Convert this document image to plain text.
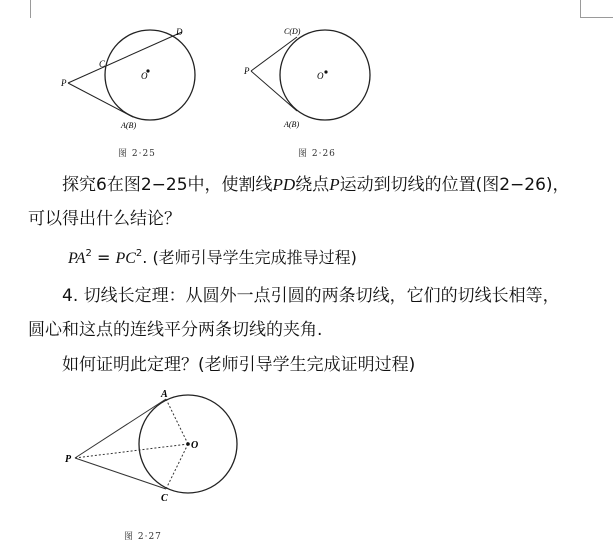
D
C
P
O
A(B)
图 2·25
C(D)
P	O
A(B)
图 2·26
探究6在图2−25中，使割线PD绕点P运动到切线的位置(图2−26)，
可以得出什么结论？
$PA^2 = PC^2$. (老师引导学生完成推导过程)
4. 切线长定理：从圆外一点引圆的两条切线，它们的切线长相等，
圆心和这点的连线平分两条切线的夹角.
如何证明此定理？(老师引导学生完成证明过程)
A
P
O
C
图 2·27
